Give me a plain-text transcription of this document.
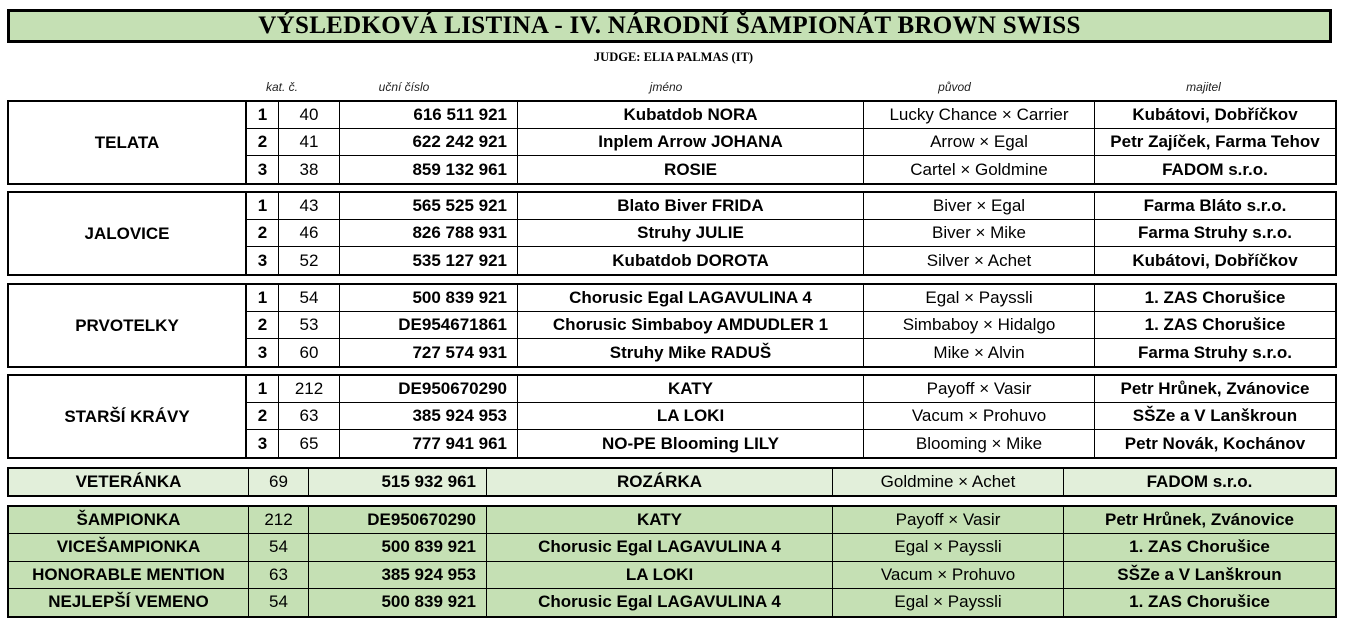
VÝSLEDKOVÁ LISTINA - IV. NÁRODNÍ ŠAMPIONÁT BROWN SWISS
JUDGE: ELIA PALMAS (IT)
kat. č.	uční číslo	jméno	původ	majitel
TELATA
1	40	616 511 921	Kubatdob NORA	Lucky Chance × Carrier	Kubátovi, Dobříčkov
2	41	622 242 921	Inplem Arrow JOHANA	Arrow × Egal	Petr Zajíček, Farma Tehov
3	38	859 132 961	ROSIE	Cartel × Goldmine	FADOM s.r.o.
JALOVICE
1	43	565 525 921	Blato Biver FRIDA	Biver × Egal	Farma Bláto s.r.o.
2	46	826 788 931	Struhy JULIE	Biver × Mike	Farma Struhy s.r.o.
3	52	535 127 921	Kubatdob DOROTA	Silver × Achet	Kubátovi, Dobříčkov
PRVOTELKY
1	54	500 839 921	Chorusic Egal LAGAVULINA 4	Egal × Payssli	1. ZAS Chorušice
2	53	DE954671861	Chorusic Simbaboy AMDUDLER 1	Simbaboy × Hidalgo	1. ZAS Chorušice
3	60	727 574 931	Struhy Mike RADUŠ	Mike × Alvin	Farma Struhy s.r.o.
STARŠÍ KRÁVY
1	212	DE950670290	KATY	Payoff × Vasir	Petr Hrůnek, Zvánovice
2	63	385 924 953	LA LOKI	Vacum × Prohuvo	SŠZe a V Lanškroun
3	65	777 941 961	NO-PE Blooming LILY	Blooming × Mike	Petr Novák, Kochánov
VETERÁNKA	69	515 932 961	ROZÁRKA	Goldmine × Achet	FADOM s.r.o.
ŠAMPIONKA	212	DE950670290	KATY	Payoff × Vasir	Petr Hrůnek, Zvánovice
VICEŠAMPIONKA	54	500 839 921	Chorusic Egal LAGAVULINA 4	Egal × Payssli	1. ZAS Chorušice
HONORABLE MENTION	63	385 924 953	LA LOKI	Vacum × Prohuvo	SŠZe a V Lanškroun
NEJLEPŠÍ VEMENO	54	500 839 921	Chorusic Egal LAGAVULINA 4	Egal × Payssli	1. ZAS Chorušice
